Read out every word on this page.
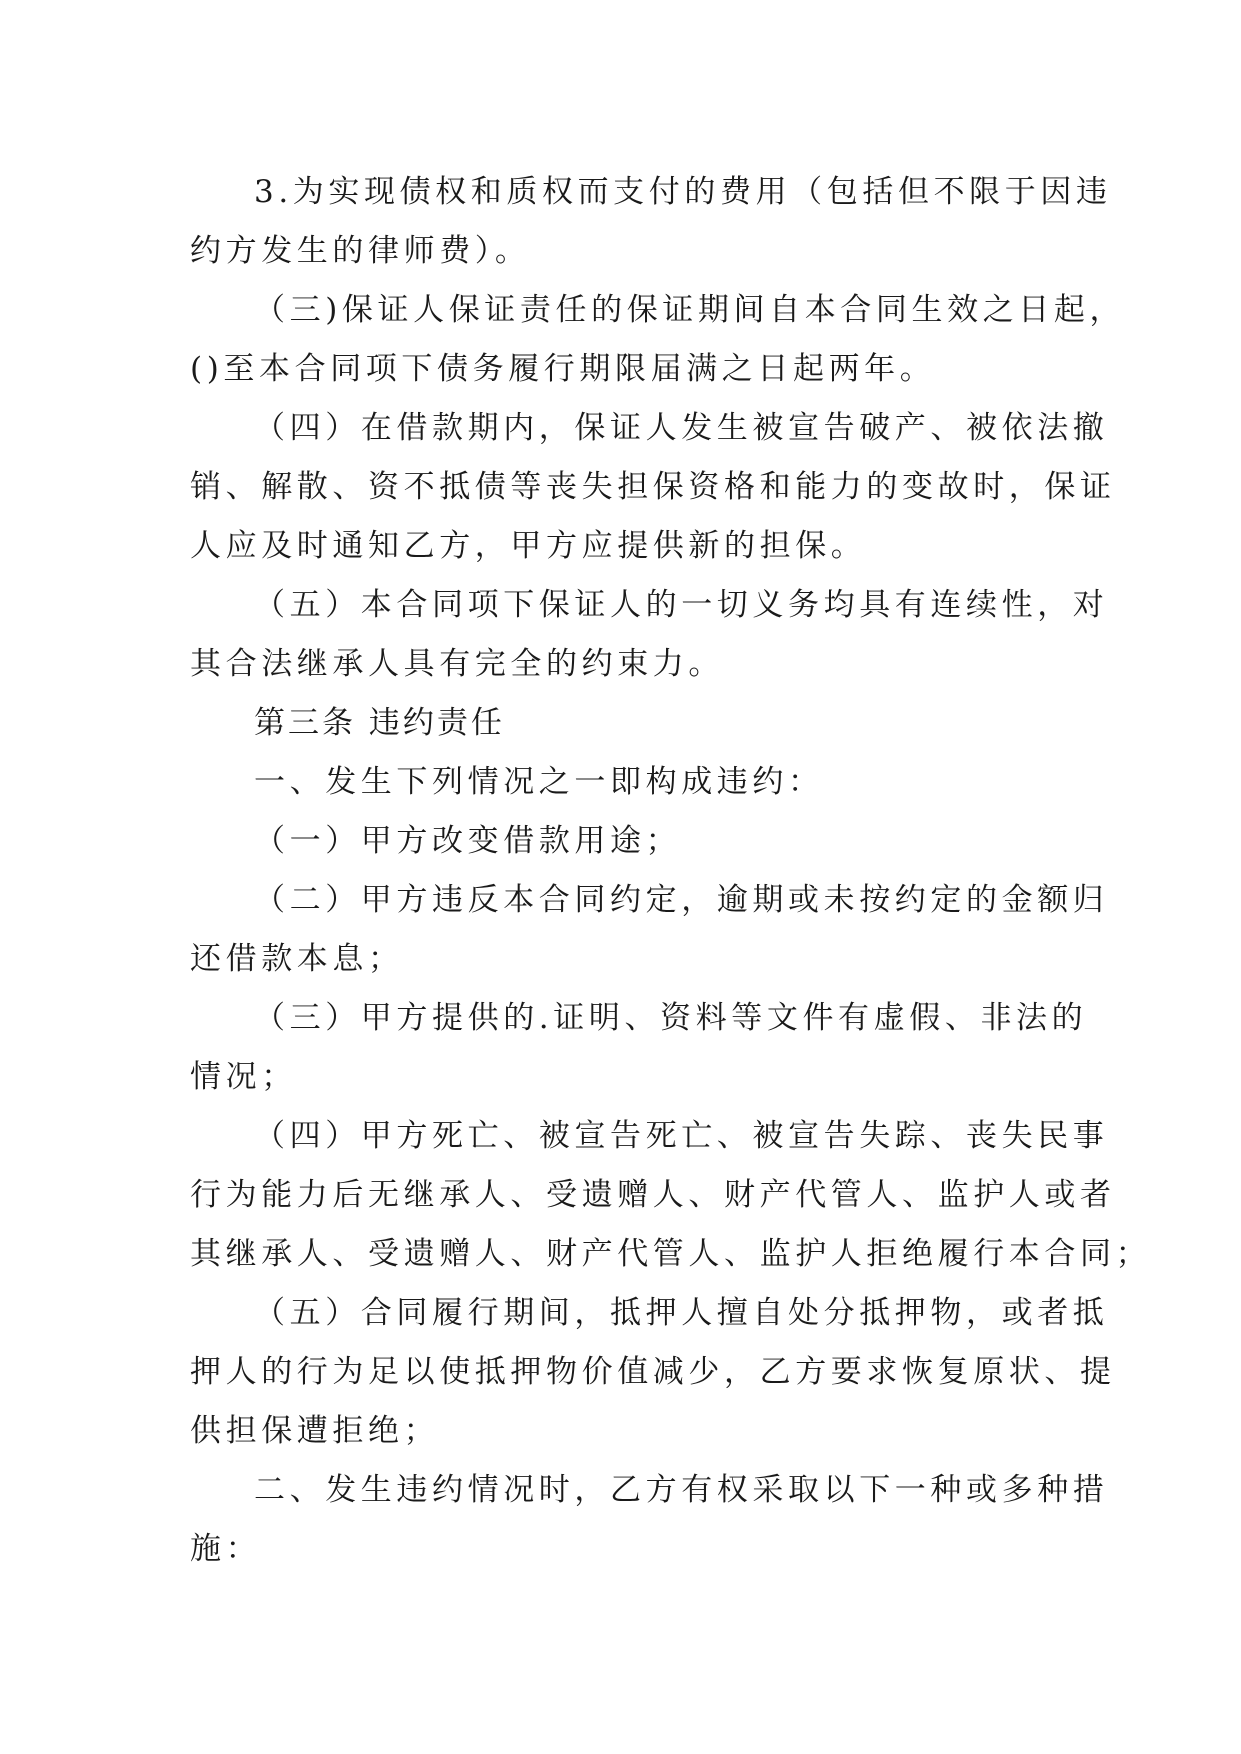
3.为实现债权和质权而支付的费用（包括但不限于因违
约方发生的律师费）。
（三)保证人保证责任的保证期间自本合同生效之日起，
()至本合同项下债务履行期限届满之日起两年。
（四）在借款期内，保证人发生被宣告破产、被依法撤
销、解散、资不抵债等丧失担保资格和能力的变故时，保证
人应及时通知乙方，甲方应提供新的担保。
（五）本合同项下保证人的一切义务均具有连续性，对
其合法继承人具有完全的约束力。
第三条 违约责任
一、发生下列情况之一即构成违约：
（一）甲方改变借款用途；
（二）甲方违反本合同约定，逾期或未按约定的金额归
还借款本息；
（三）甲方提供的.证明、资料等文件有虚假、非法的
情况；
（四）甲方死亡、被宣告死亡、被宣告失踪、丧失民事
行为能力后无继承人、受遗赠人、财产代管人、监护人或者
其继承人、受遗赠人、财产代管人、监护人拒绝履行本合同；
（五）合同履行期间，抵押人擅自处分抵押物，或者抵
押人的行为足以使抵押物价值减少，乙方要求恢复原状、提
供担保遭拒绝；
二、发生违约情况时，乙方有权采取以下一种或多种措
施：
